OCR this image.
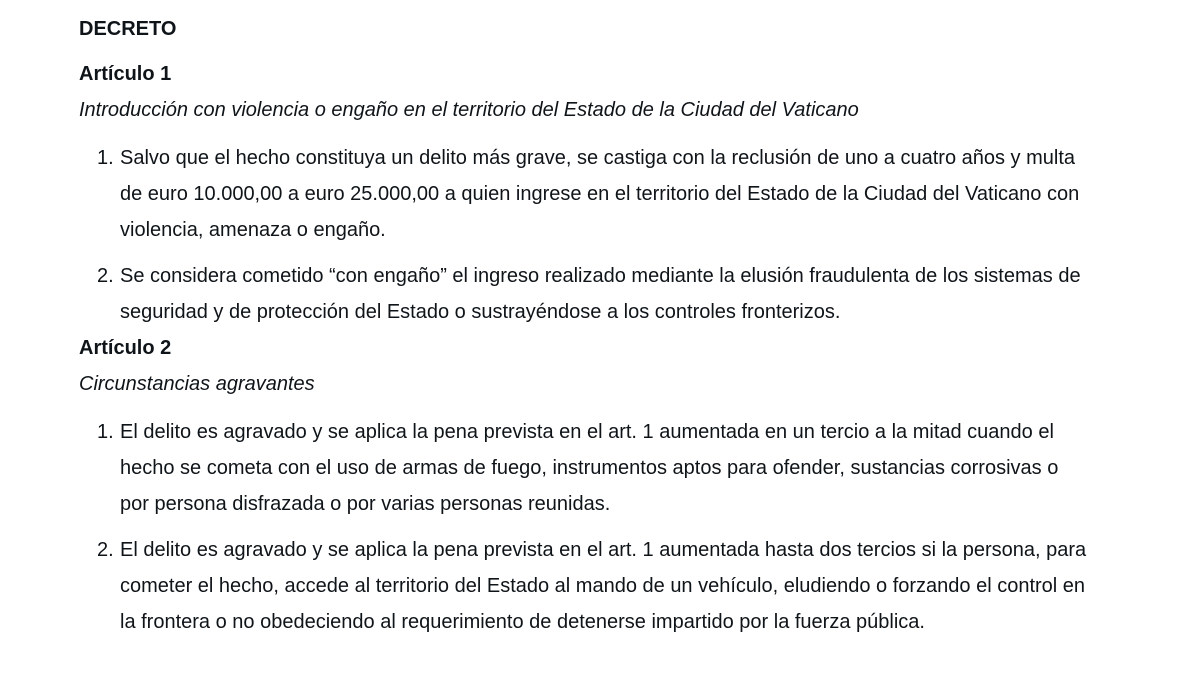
DECRETO
Artículo 1

Introducción con violencia o engaño en el territorio del Estado de la Ciudad del Vaticano

1. Salvo que el hecho constituya un delito más grave, se castiga con la reclusión de uno a cuatro años y multa de euro 10.000,00 a euro 25.000,00 a quien ingrese en el territorio del Estado de la Ciudad del Vaticano con violencia, amenaza o engaño.
2. Se considera cometido “con engaño” el ingreso realizado mediante la elusión fraudulenta de los sistemas de seguridad y de protección del Estado o sustrayéndose a los controles fronterizos.
Artículo 2

Circunstancias agravantes

1. El delito es agravado y se aplica la pena prevista en el art. 1 aumentada en un tercio a la mitad cuando el hecho se cometa con el uso de armas de fuego, instrumentos aptos para ofender, sustancias corrosivas o por persona disfrazada o por varias personas reunidas.
2. El delito es agravado y se aplica la pena prevista en el art. 1 aumentada hasta dos tercios si la persona, para cometer el hecho, accede al territorio del Estado al mando de un vehículo, eludiendo o forzando el control en la frontera o no obedeciendo al requerimiento de detenerse impartido por la fuerza pública.
